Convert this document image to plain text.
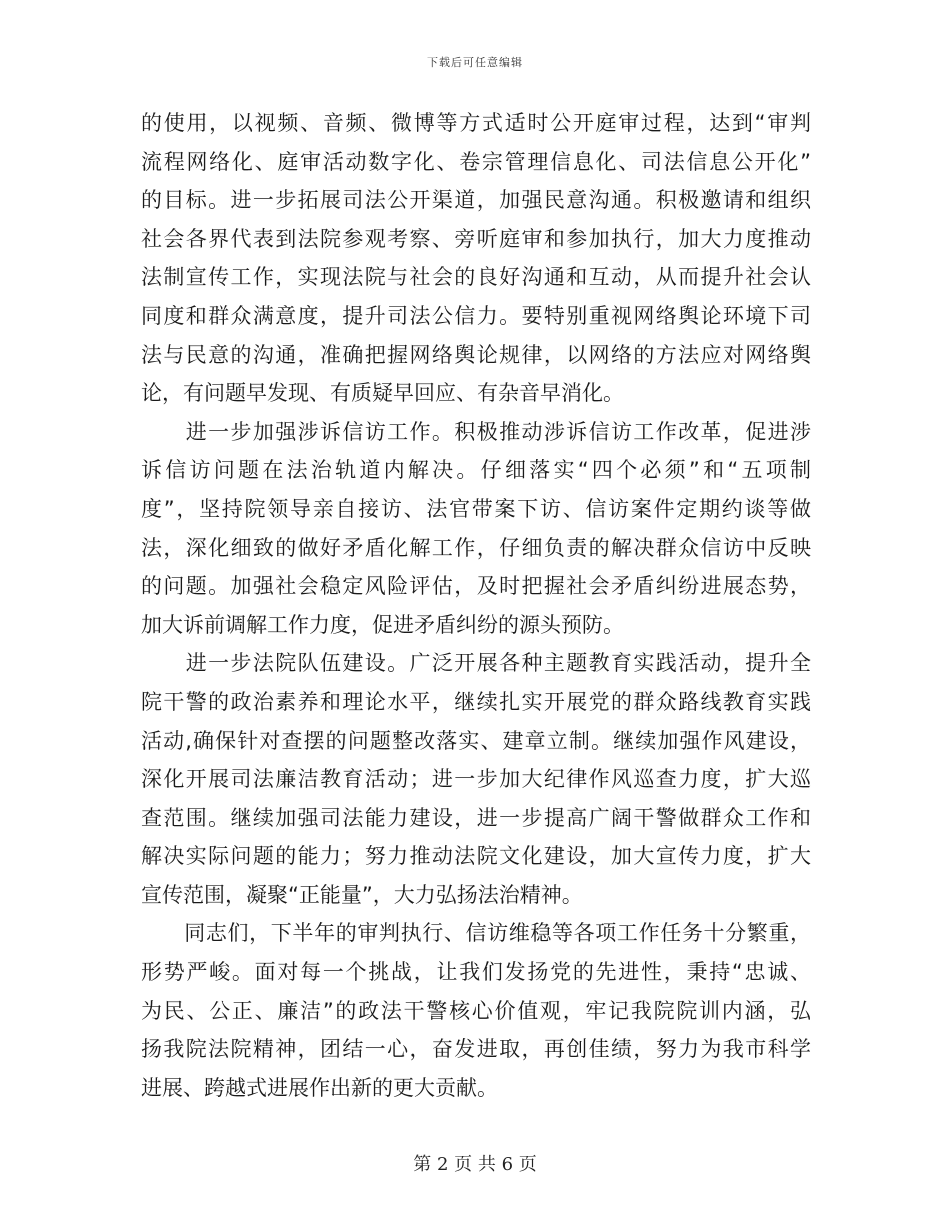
下载后可任意编辑
的使用，以视频、音频、微博等方式适时公开庭审过程，达到“审判
流程网络化、庭审活动数字化、卷宗管理信息化、司法信息公开化”
的目标。进一步拓展司法公开渠道，加强民意沟通。积极邀请和组织
社会各界代表到法院参观考察、旁听庭审和参加执行，加大力度推动
法制宣传工作，实现法院与社会的良好沟通和互动，从而提升社会认
同度和群众满意度，提升司法公信力。要特别重视网络舆论环境下司
法与民意的沟通，准确把握网络舆论规律，以网络的方法应对网络舆
论，有问题早发现、有质疑早回应、有杂音早消化。
　　进一步加强涉诉信访工作。积极推动涉诉信访工作改革，促进涉
诉信访问题在法治轨道内解决。仔细落实“四个必须”和“五项制
度”，坚持院领导亲自接访、法官带案下访、信访案件定期约谈等做
法，深化细致的做好矛盾化解工作，仔细负责的解决群众信访中反映
的问题。加强社会稳定风险评估，及时把握社会矛盾纠纷进展态势，
加大诉前调解工作力度，促进矛盾纠纷的源头预防。
　　进一步法院队伍建设。广泛开展各种主题教育实践活动，提升全
院干警的政治素养和理论水平，继续扎实开展党的群众路线教育实践
活动,确保针对查摆的问题整改落实、建章立制。继续加强作风建设，
深化开展司法廉洁教育活动；进一步加大纪律作风巡查力度，扩大巡
查范围。继续加强司法能力建设，进一步提高广阔干警做群众工作和
解决实际问题的能力；努力推动法院文化建设，加大宣传力度，扩大
宣传范围，凝聚“正能量”，大力弘扬法治精神。
　　同志们，下半年的审判执行、信访维稳等各项工作任务十分繁重，
形势严峻。面对每一个挑战，让我们发扬党的先进性，秉持“忠诚、
为民、公正、廉洁”的政法干警核心价值观，牢记我院院训内涵，弘
扬我院法院精神，团结一心，奋发进取，再创佳绩，努力为我市科学
进展、跨越式进展作出新的更大贡献。
第 2 页 共 6 页
